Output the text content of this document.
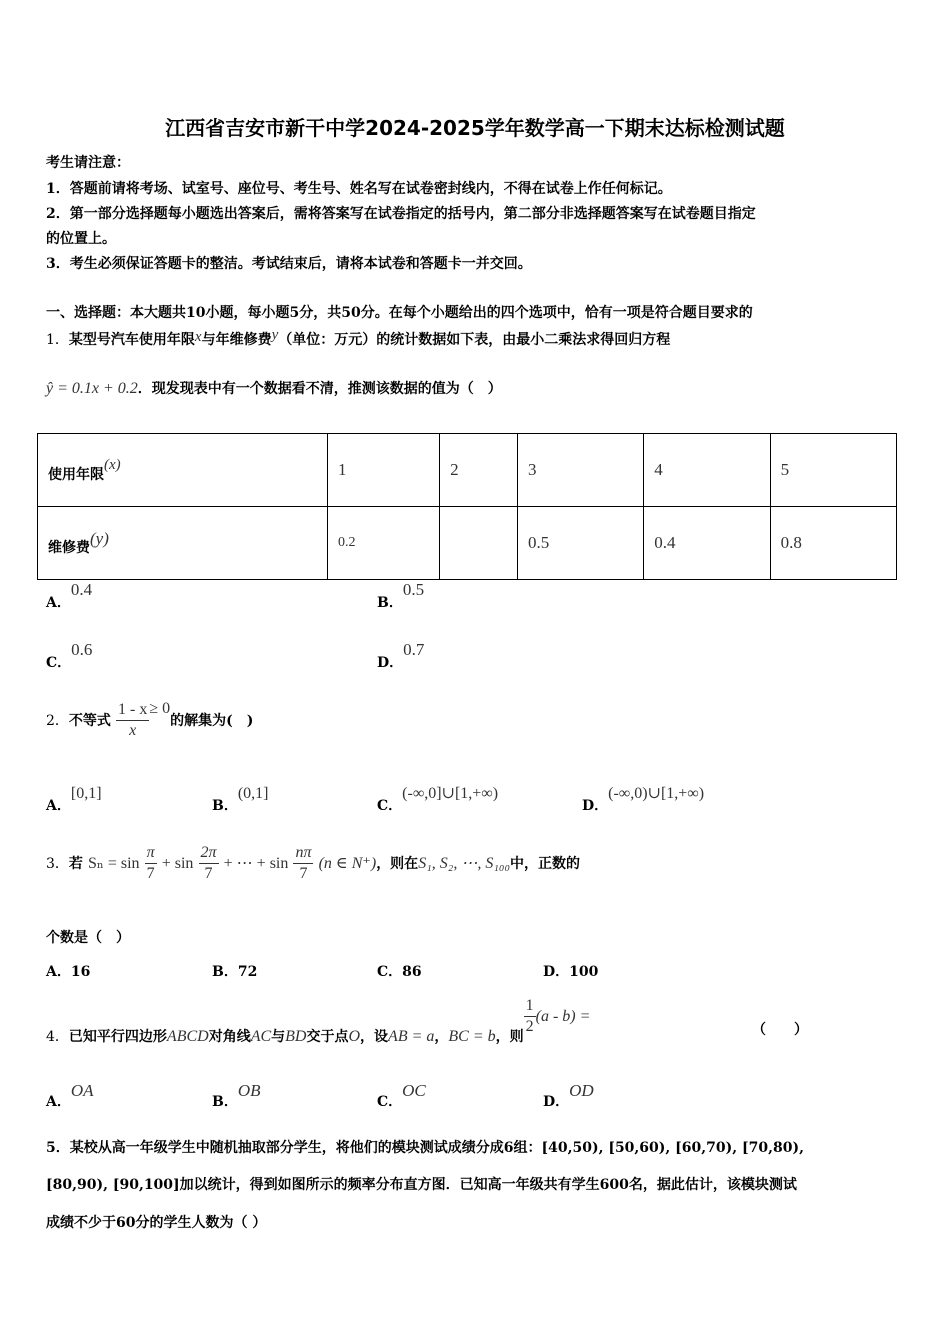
江西省吉安市新干中学2024-2025学年数学高一下期末达标检测试题
考生请注意：
1．答题前请将考场、试室号、座位号、考生号、姓名写在试卷密封线内，不得在试卷上作任何标记。
2．第一部分选择题每小题选出答案后，需将答案写在试卷指定的括号内，第二部分非选择题答案写在试卷题目指定
的位置上。
3．考生必须保证答题卡的整洁。考试结束后，请将本试卷和答题卡一并交回。
一、选择题：本大题共10小题，每小题5分，共50分。在每个小题给出的四个选项中，恰有一项是符合题目要求的
1．某型号汽车使用年限x与年维修费y（单位：万元）的统计数据如下表，由最小二乘法求得回归方程
ŷ = 0.1x + 0.2．现发现表中有一个数据看不清，推测该数据的值为（　）
使用年限(x)	1	2	3	4	5
维修费(y)	0.2		0.5	0.4	0.8
A．0.4
B．0.5
C．0.6
D．0.7
2．不等式 $\frac{1 - x}{x} \ge 0$的解集为(　)
A．[0,1]
B．(0,1]
C．(-∞,0]∪[1,+∞)
D．(-∞,0)∪[1,+∞)
3．若 $S_n = \sin \frac{\pi}{7} + \sin \frac{2\pi}{7}$ + ⋯ + $\sin \frac{n\pi}{7} (n$ ∈ N⁺)，则在S₁, S₂, ⋯, S₁₀₀中，正数的
个数是（　）
A．16	B．72	C．86	D．100
4．已知平行四边形ABCD对角线AC与BD交于点O，设AB = a，BC = b，则 $\frac{1}{2} (a - b)$ =
（　　）
A．OA
B．OB
C．OC
D．OD
5．某校从高一年级学生中随机抽取部分学生，将他们的模块测试成绩分成6组：[40,50), [50,60), [60,70), [70,80),
[80,90), [90,100]加以统计，得到如图所示的频率分布直方图．已知高一年级共有学生600名，据此估计，该模块测试
成绩不少于60分的学生人数为（ ）
